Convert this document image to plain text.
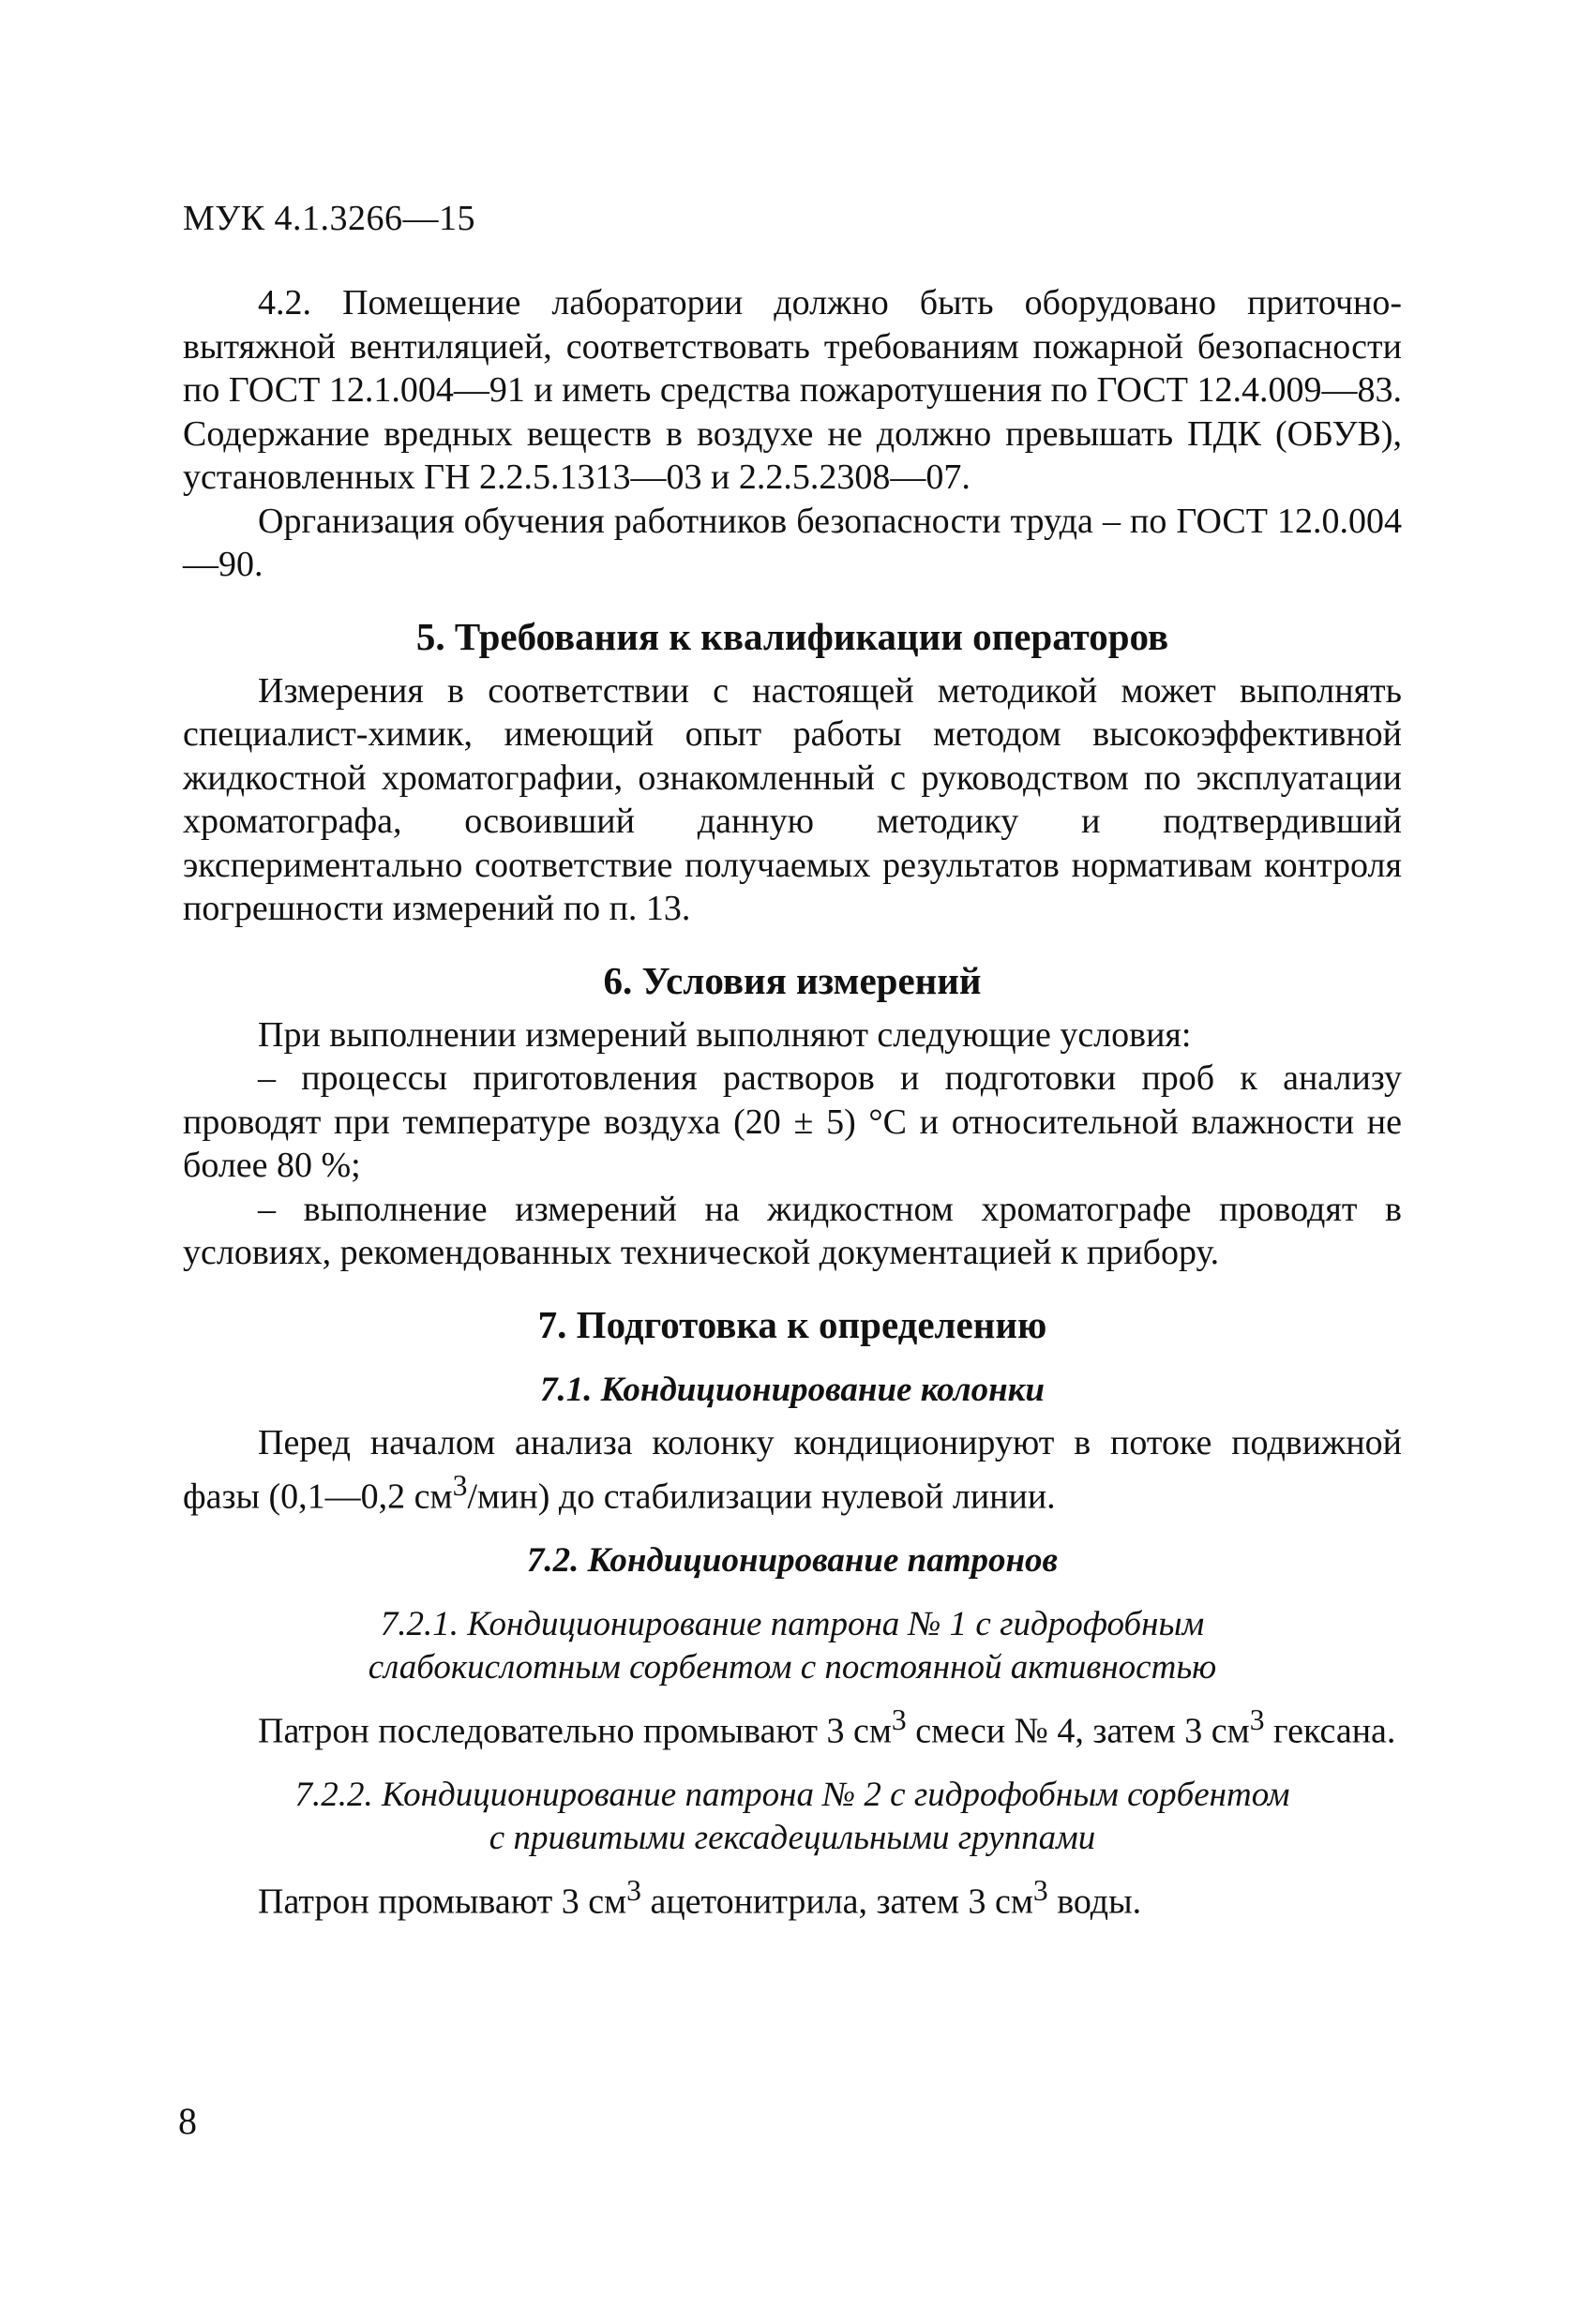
МУК 4.1.3266—15

4.2. Помещение лаборатории должно быть оборудовано приточно-вытяжной вентиляцией, соответствовать требованиям пожарной безопасности по ГОСТ 12.1.004—91 и иметь средства пожаротушения по ГОСТ 12.4.009—83. Содержание вредных веществ в воздухе не должно превышать ПДК (ОБУВ), установленных ГН 2.2.5.1313—03 и 2.2.5.2308—07.

Организация обучения работников безопасности труда – по ГОСТ 12.0.004—90.

5. Требования к квалификации операторов

Измерения в соответствии с настоящей методикой может выполнять специалист-химик, имеющий опыт работы методом высокоэффективной жидкостной хроматографии, ознакомленный с руководством по эксплуатации хроматографа, освоивший данную методику и подтвердивший экспериментально соответствие получаемых результатов нормативам контроля погрешности измерений по п. 13.

6. Условия измерений

При выполнении измерений выполняют следующие условия:

– процессы приготовления растворов и подготовки проб к анализу проводят при температуре воздуха (20 ± 5) °С и относительной влажности не более 80 %;

– выполнение измерений на жидкостном хроматографе проводят в условиях, рекомендованных технической документацией к прибору.

7. Подготовка к определению
7.1. Кондиционирование колонки

Перед началом анализа колонку кондиционируют в потоке подвижной фазы (0,1—0,2 $см^3/мин$) до стабилизации нулевой линии.

7.2. Кондиционирование патронов
7.2.1. Кондиционирование патрона № 1 с гидрофобным
слабокислотным сорбентом с постоянной активностью

Патрон последовательно промывают 3 $см^3$ смеси № 4, затем 3 $см^3$ гексана.

7.2.2. Кондиционирование патрона № 2 с гидрофобным сорбентом
с привитыми гексадецильными группами

Патрон промывают 3 $см^3$ ацетонитрила, затем 3 $см^3$ воды.

8
